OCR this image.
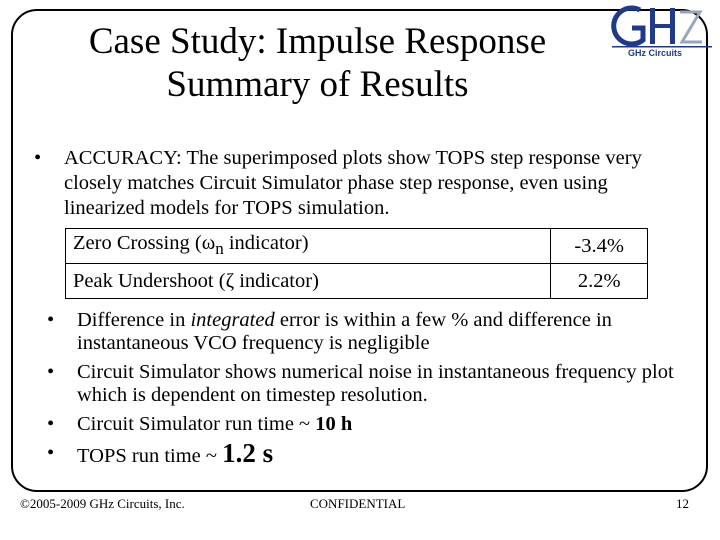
Case Study: Impulse Response
Summary of Results
GHz Circuits
• ACCURACY: The superimposed plots show TOPS step response very closely matches Circuit Simulator phase step response, even using linearized models for TOPS simulation.
Zero Crossing ($\omega_n$ indicator)	-3.4%
Peak Undershoot (ζ indicator)	2.2%
• Difference in integrated error is within a few % and difference in instantaneous VCO frequency is negligible
• Circuit Simulator shows numerical noise in instantaneous frequency plot which is dependent on timestep resolution.
• Circuit Simulator run time ~ 10 h
• TOPS run time ~ 1.2 s
©2005-2009 GHz Circuits, Inc.	CONFIDENTIAL	12
